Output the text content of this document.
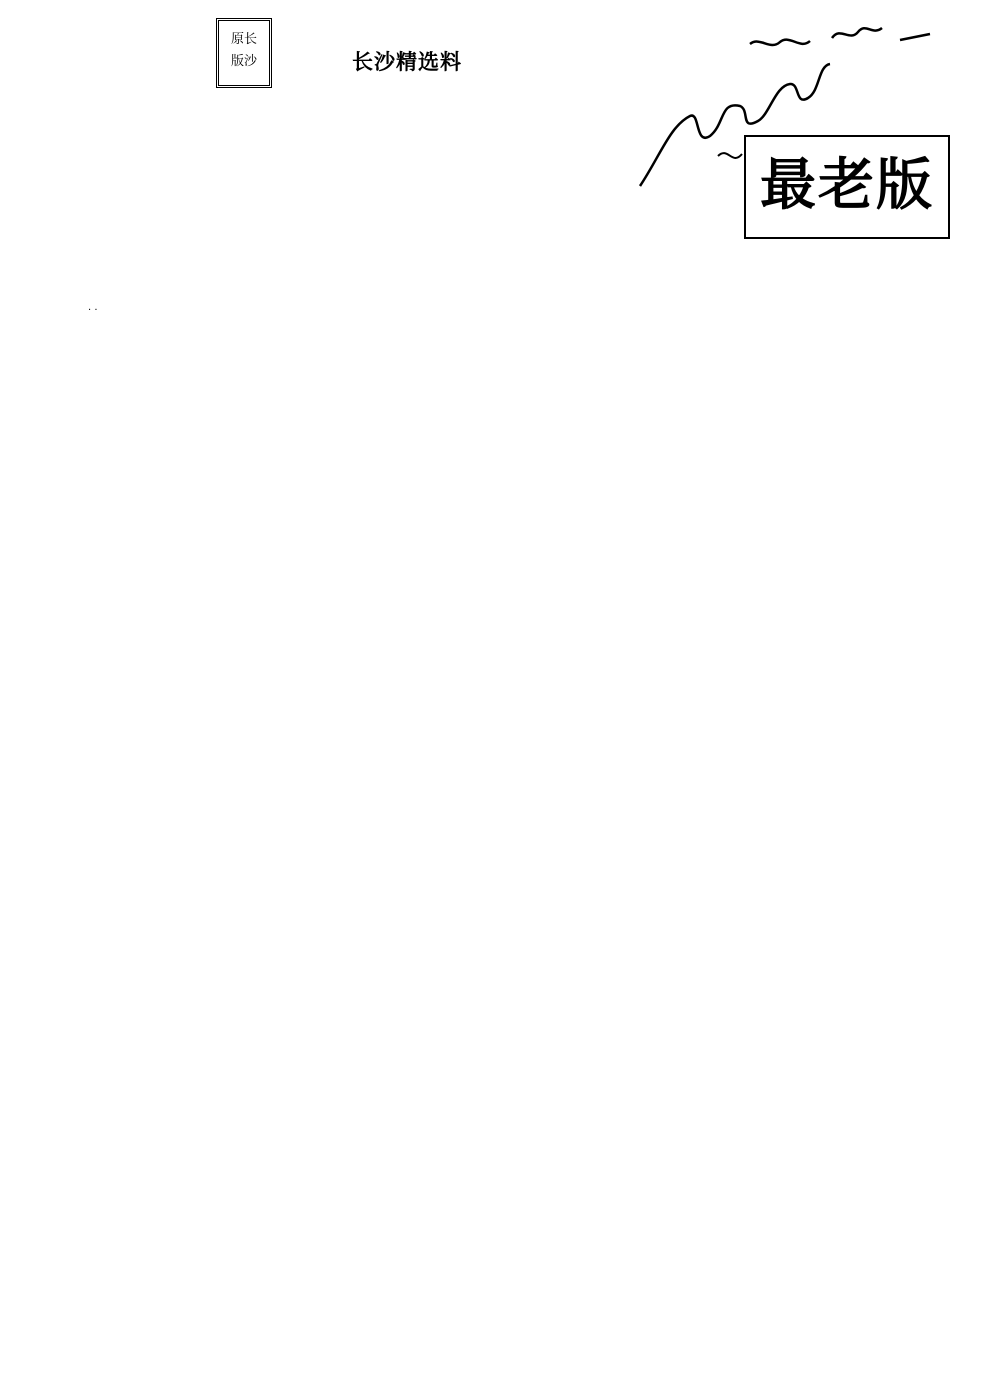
原长
版沙	长沙精选料
最老版
· ·
